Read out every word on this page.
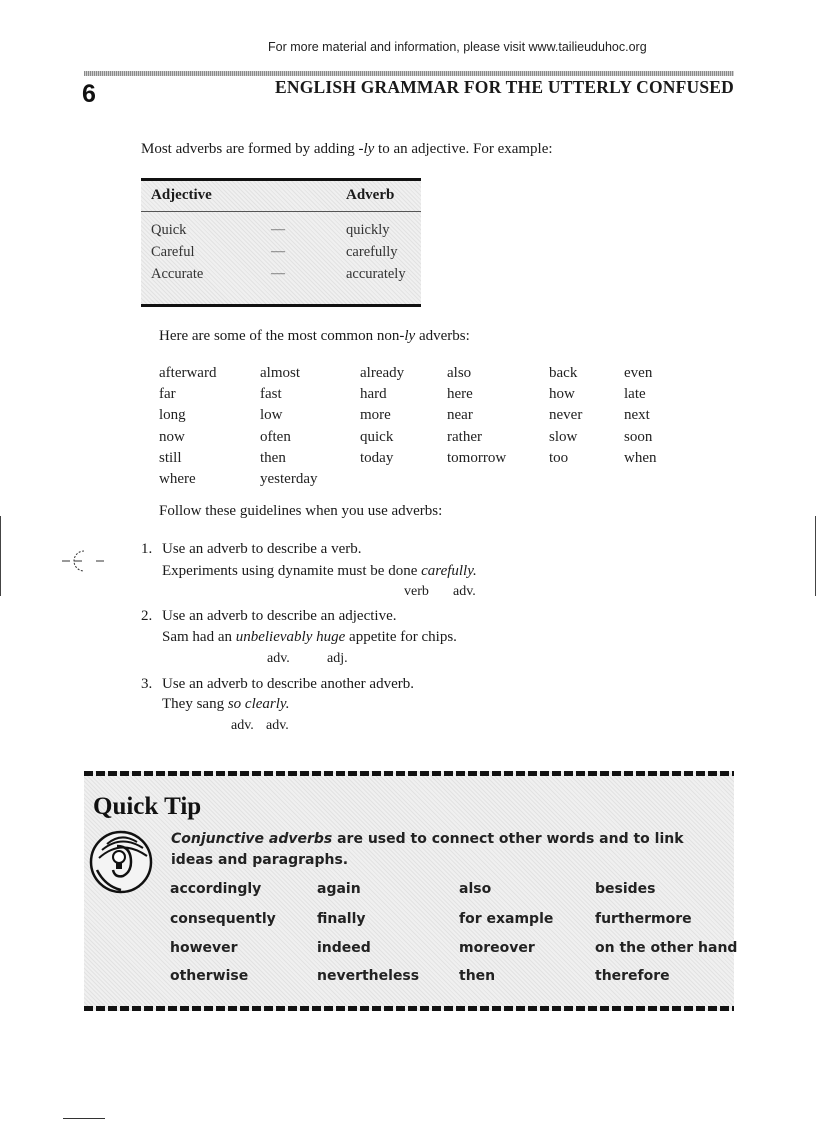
For more material and information, please visit www.tailieuduhoc.org
6	ENGLISH GRAMMAR FOR THE UTTERLY CONFUSED
Most adverbs are formed by adding -ly to an adjective. For example:
Adjective	Adverb
Quick	—	quickly
Careful	—	carefully
Accurate	—	accurately
Here are some of the most common non-ly adverbs:
afterward	almost	already	also	back	even
far	fast	hard	here	how	late
long	low	more	near	never	next
now	often	quick	rather	slow	soon
still	then	today	tomorrow	too	when
where	yesterday
Follow these guidelines when you use adverbs:
1. Use an adverb to describe a verb.
Experiments using dynamite must be done carefully.
verb adv.
2. Use an adverb to describe an adjective.
Sam had an unbelievably huge appetite for chips.
adv.	adj.
3. Use an adverb to describe another adverb.
They sang so clearly.
adv. adv.
Quick Tip
Conjunctive adverbs are used to connect other words and to link ideas and paragraphs.
accordingly	again	also	besides
consequently	finally	for example	furthermore
however	indeed	moreover	on the other hand
otherwise	nevertheless	then	therefore
